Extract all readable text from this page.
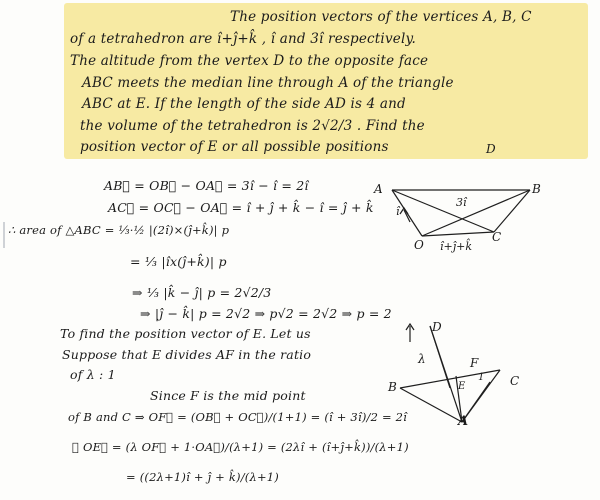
The position vectors of the vertices A, B, C
of a tetrahedron are î+ĵ+k̂ , î and 3î respectively.
The altitude from the vertex D to the opposite face
ABC meets the median line through A of the triangle
ABC at E. If the length of the side AD is 4 and
the volume of the tetrahedron is 2√2/3 . Find the
position vector of E or all possible positions	D
AB⃗ = OB⃗ − OA⃗ = 3î − î = 2î
AC⃗ = OC⃗ − OA⃗ = î + ĵ + k̂ − î = ĵ + k̂
∴ area of △ABC = ⅓·½ |(2î)×(ĵ+k̂)| p
= ⅓ |îx(ĵ+k̂)| p
⇒ ⅓ |k̂ − ĵ| p = 2√2/3
⇒ |ĵ − k̂| p = 2√2 ⇒ p√2 = 2√2 ⇒ p = 2
To find the position vector of E. Let us
Suppose that E divides AF in the ratio
of λ : 1
Since F is the mid point
of B and C ⇒ OF⃗ = (OB⃗ + OC⃗)/(1+1) = (î + 3î)/2 = 2î
∴ OE⃗ = (λ OF⃗ + 1·OA⃗)/(λ+1) = (2λî + (î+ĵ+k̂))/(λ+1)
= ((2λ+1)î + ĵ + k̂)/(λ+1)
A	B
3î
î
C
O î+ĵ+k̂
D
λ	F
C
B	E
1
A
